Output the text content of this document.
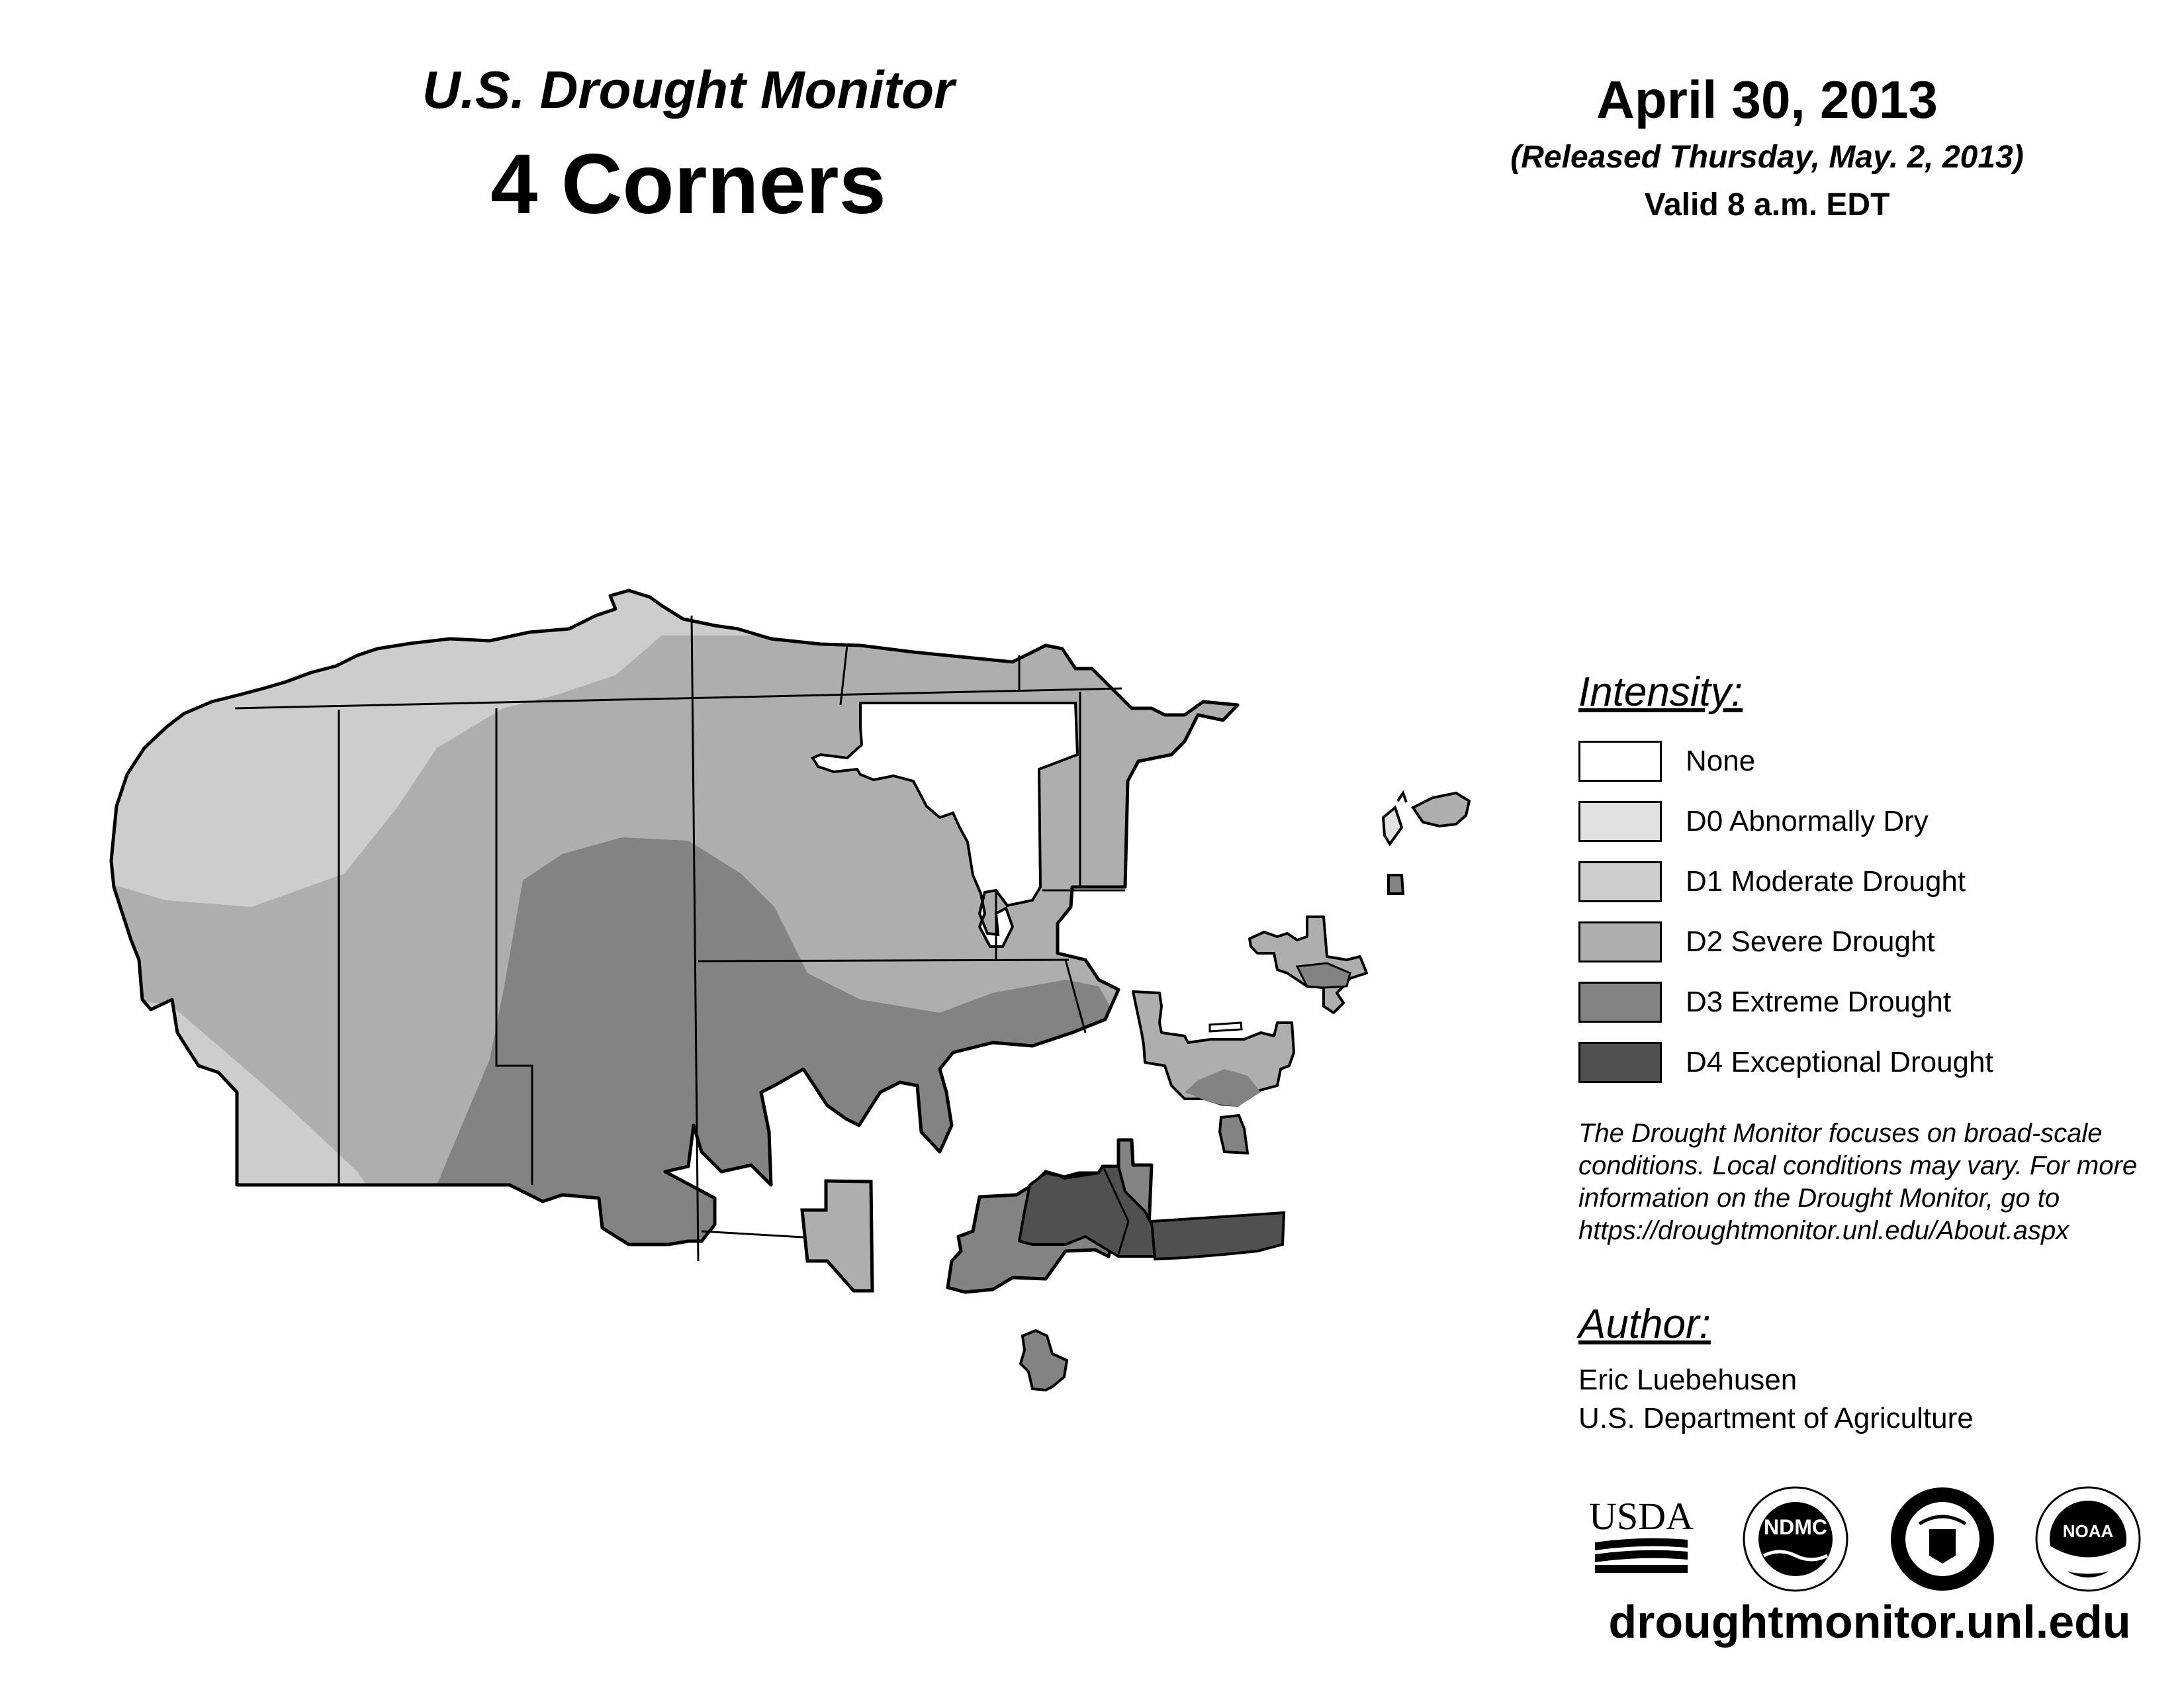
U.S. Drought Monitor
4 Corners
April 30, 2013
(Released Thursday, May. 2, 2013)
Valid 8 a.m. EDT
Intensity:
None
D0 Abnormally Dry
D1 Moderate Drought
D2 Severe Drought
D3 Extreme Drought
D4 Exceptional Drought
The Drought Monitor focuses on broad-scale conditions. Local conditions may vary. For more information on the Drought Monitor, go to https://droughtmonitor.unl.edu/About.aspx
Author:
Eric Luebehusen
U.S. Department of Agriculture
USDA	NDMC	NOAA
droughtmonitor.unl.edu
